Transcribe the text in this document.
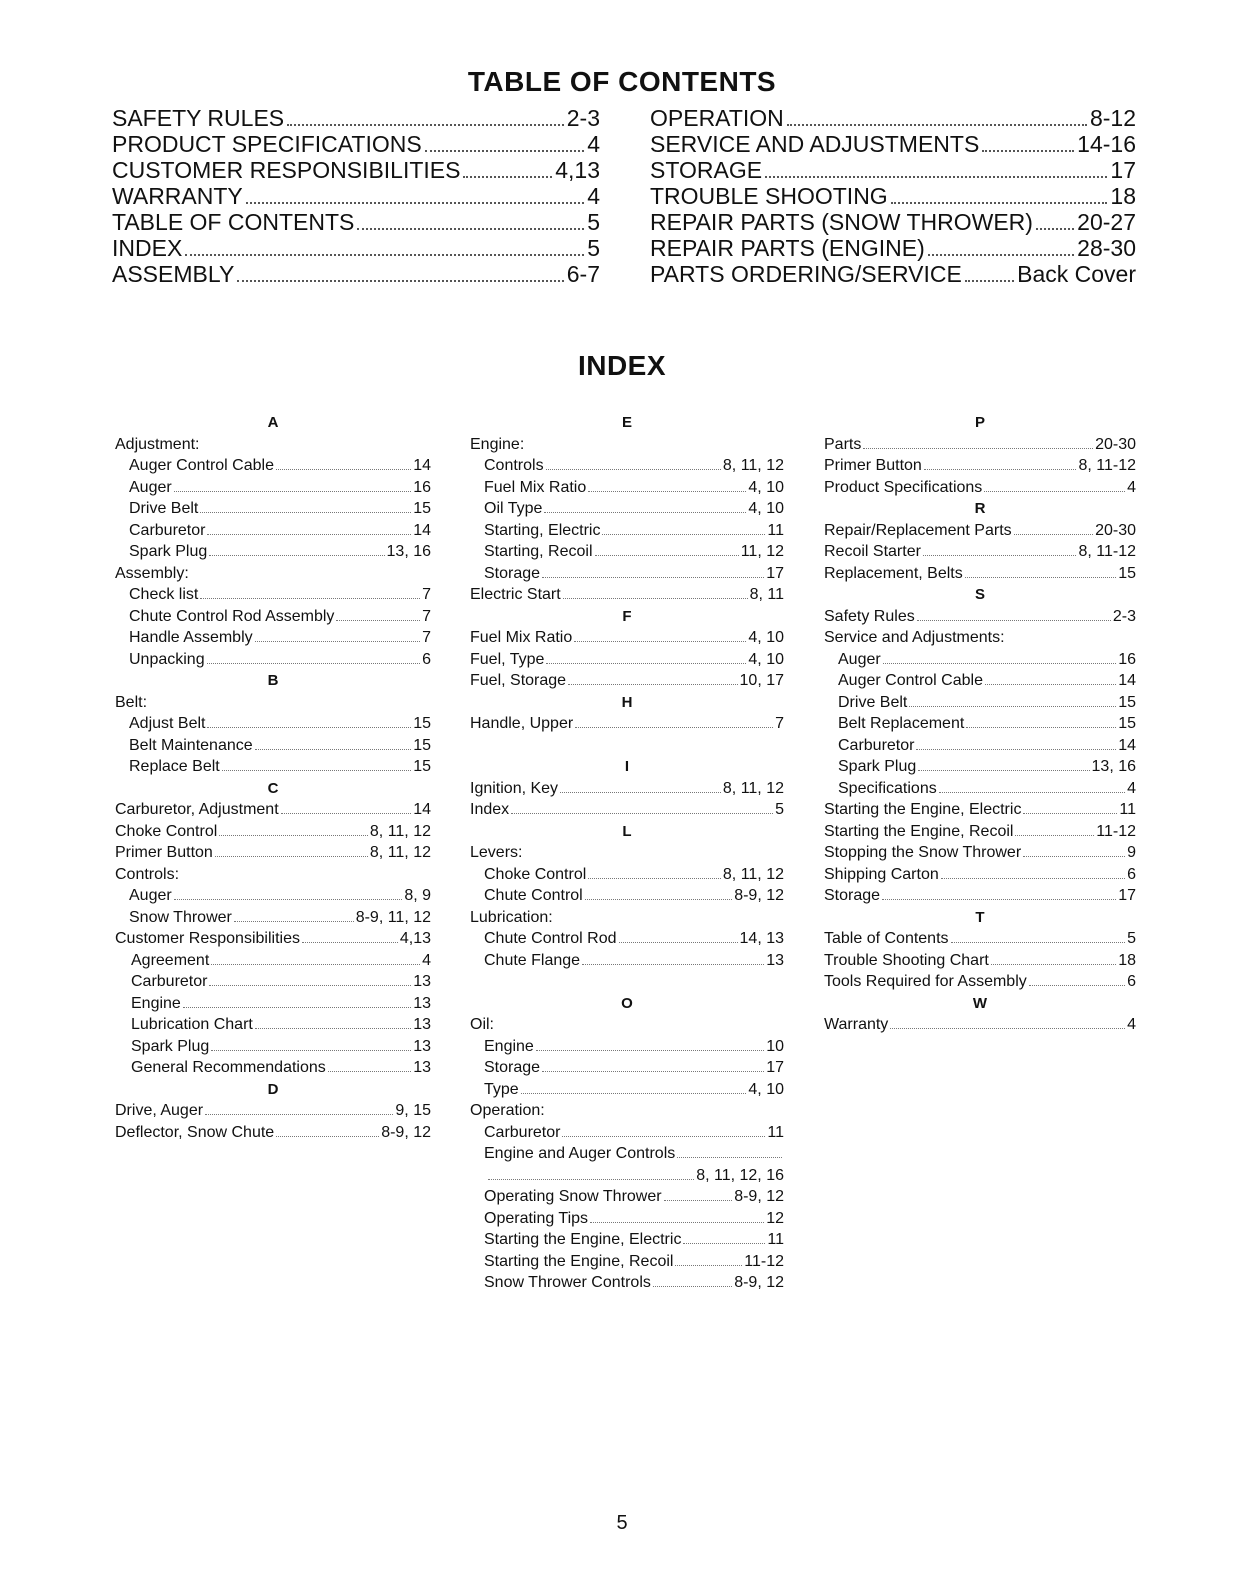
TABLE OF CONTENTS
SAFETY RULES	2-3
PRODUCT SPECIFICATIONS	4
CUSTOMER RESPONSIBILITIES	4,13
WARRANTY	4
TABLE OF CONTENTS	5
INDEX	5
ASSEMBLY	6-7
OPERATION	8-12
SERVICE AND ADJUSTMENTS	14-16
STORAGE	17
TROUBLE SHOOTING	18
REPAIR PARTS (SNOW THROWER) 20-27
REPAIR PARTS (ENGINE)	28-30
PARTS ORDERING/SERVICE Back Cover
INDEX
A
Adjustment:
Auger Control Cable	14
Auger	16
Drive Belt	15
Carburetor	14
Spark Plug	13, 16
Assembly:
Check list	7
Chute Control Rod Assembly	7
Handle Assembly	7
Unpacking	6
B
Belt:
Adjust Belt	15
Belt Maintenance	15
Replace Belt	15
C
Carburetor, Adjustment	14
Choke Control	8, 11, 12
Primer Button	8, 11, 12
Controls:
Auger	8, 9
Snow Thrower	8-9, 11, 12
Customer Responsibilities	4,13
Agreement	4
Carburetor	13
Engine	13
Lubrication Chart	13
Spark Plug	13
General Recommendations	13
D
Drive, Auger	9, 15
Deflector, Snow Chute	8-9, 12
E
Engine:
Controls	8, 11, 12
Fuel Mix Ratio	4, 10
Oil Type	4, 10
Starting, Electric	11
Starting, Recoil	11, 12
Storage	17
Electric Start	8, 11
F
Fuel Mix Ratio	4, 10
Fuel, Type	4, 10
Fuel, Storage	10, 17
H
Handle, Upper	7
I
Ignition, Key	8, 11, 12
Index	5
L
Levers:
Choke Control	8, 11, 12
Chute Control	8-9, 12
Lubrication:
Chute Control Rod	14, 13
Chute Flange	13
O
Oil:
Engine	10
Storage	17
Type	4, 10
Operation:
Carburetor	11
Engine and Auger Controls
8, 11, 12, 16
Operating Snow Thrower	8-9, 12
Operating Tips	12
Starting the Engine, Electric	11
Starting the Engine, Recoil	11-12
Snow Thrower Controls	8-9, 12
P
Parts	20-30
Primer Button	8, 11-12
Product Specifications	4
R
Repair/Replacement Parts	20-30
Recoil Starter	8, 11-12
Replacement, Belts	15
S
Safety Rules	2-3
Service and Adjustments:
Auger	16
Auger Control Cable	14
Drive Belt	15
Belt Replacement	15
Carburetor	14
Spark Plug	13, 16
Specifications	4
Starting the Engine, Electric	11
Starting the Engine, Recoil	11-12
Stopping the Snow Thrower	9
Shipping Carton	6
Storage	17
T
Table of Contents	5
Trouble Shooting Chart	18
Tools Required for Assembly	6
W
Warranty	4
5
